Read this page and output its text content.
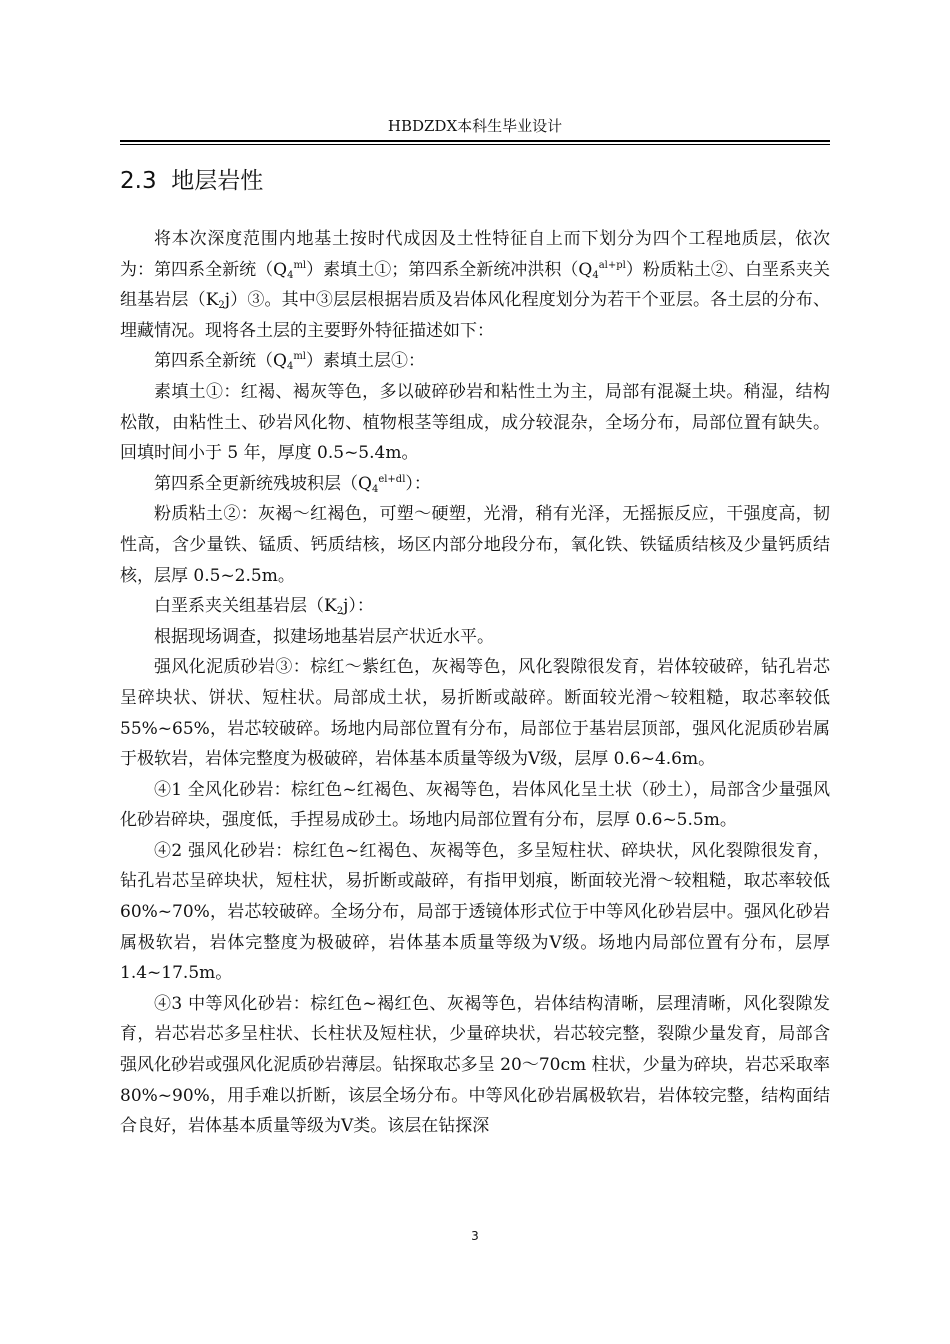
HBDZDX本科生毕业设计
2.3 地层岩性

将本次深度范围内地基土按时代成因及土性特征自上而下划分为四个工程地质层，依次为：第四系全新统$(Q_4^{ml})$素填土①；第四系全新统冲洪积$(Q_4^{al+pl})$粉质粘土②、白垩系夹关组基岩层$(K_2j)③$。其中③层层根据岩质及岩体风化程度划分为若干个亚层。各土层的分布、埋藏情况。现将各土层的主要野外特征描述如下：

第四系全新统$(Q_4^{ml})$素填土层①：

素填土①：红褐、褐灰等色，多以破碎砂岩和粘性土为主，局部有混凝土块。稍湿，结构松散，由粘性土、砂岩风化物、植物根茎等组成，成分较混杂，全场分布，局部位置有缺失。回填时间小于 5 年，厚度 0.5~5.4m。

第四系全更新统残坡积层$(Q_4^{el+dl})$：

粉质粘土②：灰褐～红褐色，可塑～硬塑，光滑，稍有光泽，无摇振反应，干强度高，韧性高，含少量铁、锰质、钙质结核，场区内部分地段分布，氧化铁、铁锰质结核及少量钙质结核，层厚 0.5~2.5m。

白垩系夹关组基岩层$(K_2j)$：

根据现场调查，拟建场地基岩层产状近水平。

强风化泥质砂岩③：棕红～紫红色，灰褐等色，风化裂隙很发育，岩体较破碎，钻孔岩芯呈碎块状、饼状、短柱状。局部成土状，易折断或敲碎。断面较光滑～较粗糙，取芯率较低 55%~65%，岩芯较破碎。场地内局部位置有分布，局部位于基岩层顶部，强风化泥质砂岩属于极软岩，岩体完整度为极破碎，岩体基本质量等级为Ⅴ级，层厚 0.6~4.6m。

④1 全风化砂岩：棕红色~红褐色、灰褐等色，岩体风化呈土状（砂土），局部含少量强风化砂岩碎块，强度低，手捏易成砂土。场地内局部位置有分布，层厚 0.6~5.5m。

④2 强风化砂岩：棕红色~红褐色、灰褐等色，多呈短柱状、碎块状，风化裂隙很发育，钻孔岩芯呈碎块状，短柱状，易折断或敲碎，有指甲划痕，断面较光滑～较粗糙，取芯率较低 60%~70%，岩芯较破碎。全场分布，局部于透镜体形式位于中等风化砂岩层中。强风化砂岩属极软岩，岩体完整度为极破碎，岩体基本质量等级为Ⅴ级。场地内局部位置有分布，层厚 1.4~17.5m。

④3 中等风化砂岩：棕红色~褐红色、灰褐等色，岩体结构清晰，层理清晰，风化裂隙发育，岩芯岩芯多呈柱状、长柱状及短柱状，少量碎块状，岩芯较完整，裂隙少量发育，局部含强风化砂岩或强风化泥质砂岩薄层。钻探取芯多呈 20～70cm 柱状，少量为碎块，岩芯采取率 80%~90%，用手难以折断，该层全场分布。中等风化砂岩属极软岩，岩体较完整，结构面结合良好，岩体基本质量等级为Ⅴ类。该层在钻探深

3
